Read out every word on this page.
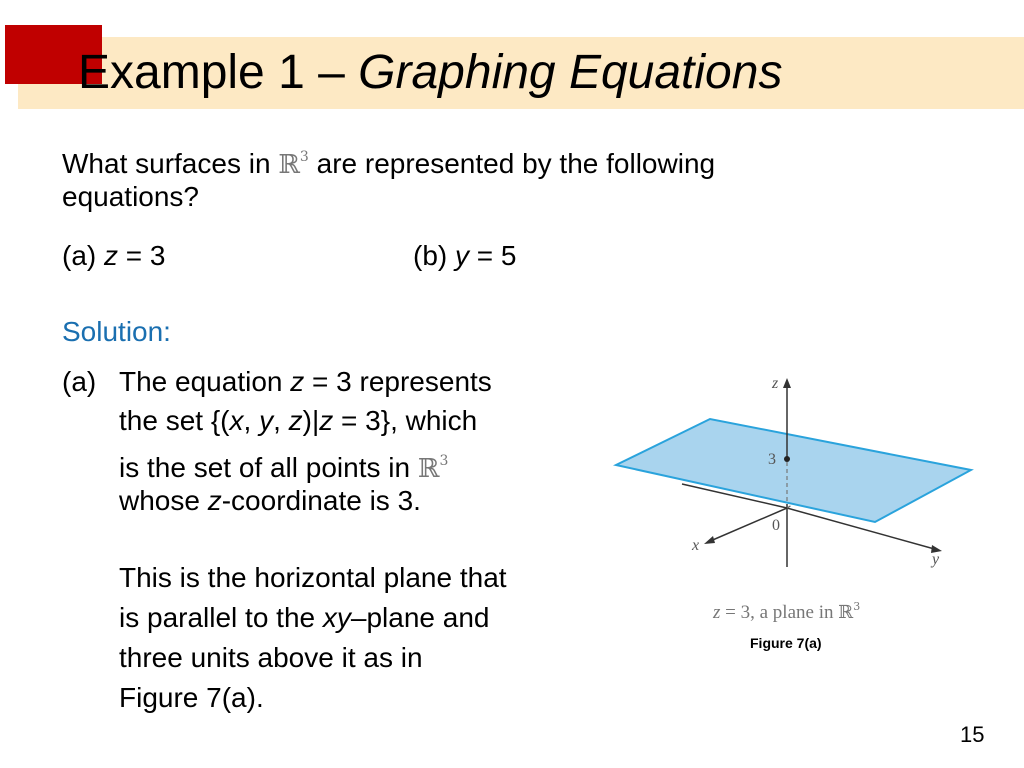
Example 1 – Graphing Equations
What surfaces in ℝ$^3$ are represented by the following
equations?
(a) z = 3	(b) y = 5
Solution:
(a) The equation z = 3 represents
the set {(x, y, z)|z = 3}, which
is the set of all points in ℝ$^3$
whose z-coordinate is 3.
This is the horizontal plane that
is parallel to the xy–plane and
three units above it as in
Figure 7(a).
z
3
0
x
y
z = 3, a plane in ℝ$^3$
Figure 7(a)
15
